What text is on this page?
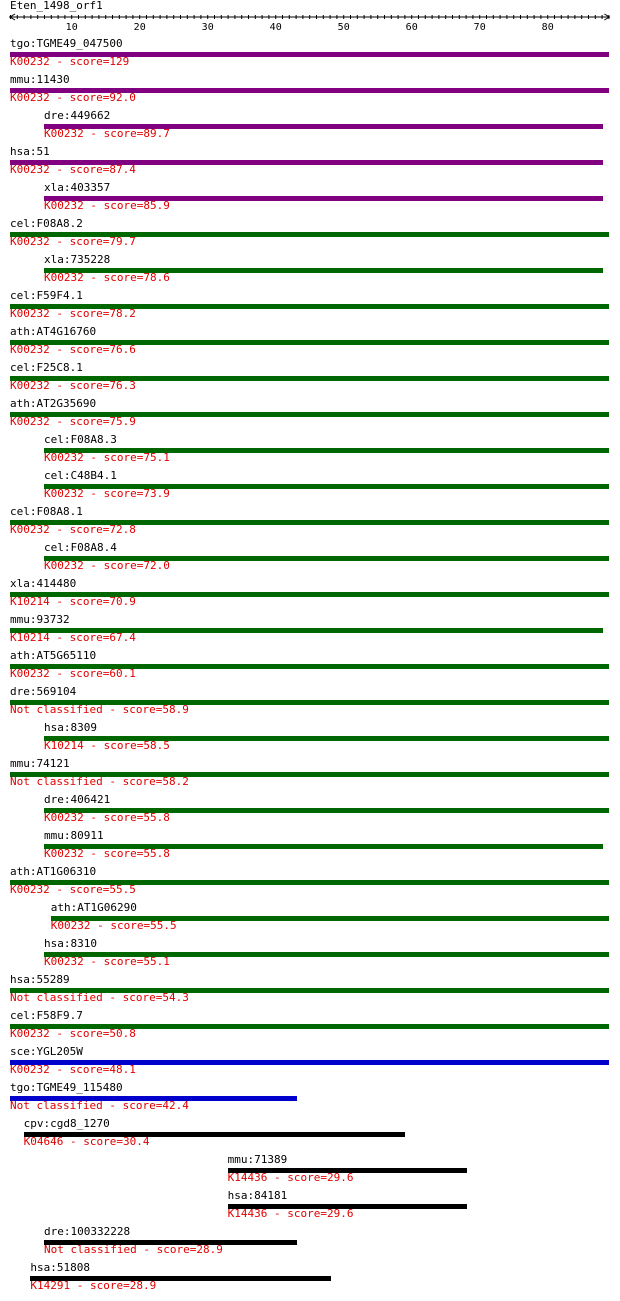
Eten_1498_orf1
10	20	30	40	50	60	70	80
tgo:TGME49_047500
K00232 - score=129
mmu:11430
K00232 - score=92.0
dre:449662
K00232 - score=89.7
hsa:51
K00232 - score=87.4
xla:403357
K00232 - score=85.9
cel:F08A8.2
K00232 - score=79.7
xla:735228
K00232 - score=78.6
cel:F59F4.1
K00232 - score=78.2
ath:AT4G16760
K00232 - score=76.6
cel:F25C8.1
K00232 - score=76.3
ath:AT2G35690
K00232 - score=75.9
cel:F08A8.3
K00232 - score=75.1
cel:C48B4.1
K00232 - score=73.9
cel:F08A8.1
K00232 - score=72.8
cel:F08A8.4
K00232 - score=72.0
xla:414480
K10214 - score=70.9
mmu:93732
K10214 - score=67.4
ath:AT5G65110
K00232 - score=60.1
dre:569104
Not classified - score=58.9
hsa:8309
K10214 - score=58.5
mmu:74121
Not classified - score=58.2
dre:406421
K00232 - score=55.8
mmu:80911
K00232 - score=55.8
ath:AT1G06310
K00232 - score=55.5
ath:AT1G06290
K00232 - score=55.5
hsa:8310
K00232 - score=55.1
hsa:55289
Not classified - score=54.3
cel:F58F9.7
K00232 - score=50.8
sce:YGL205W
K00232 - score=48.1
tgo:TGME49_115480
Not classified - score=42.4
cpv:cgd8_1270
K04646 - score=30.4
mmu:71389
K14436 - score=29.6
hsa:84181
K14436 - score=29.6
dre:100332228
Not classified - score=28.9
hsa:51808
K14291 - score=28.9
